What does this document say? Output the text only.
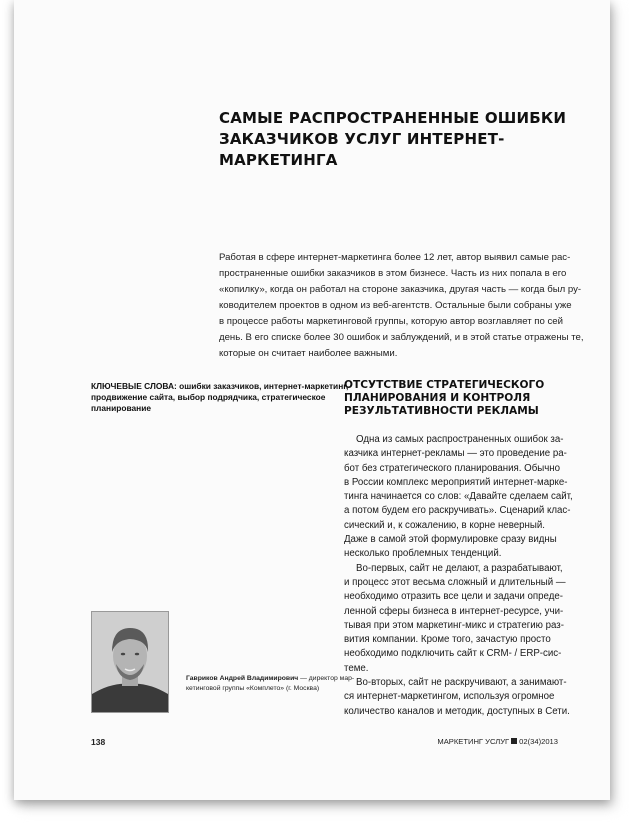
САМЫЕ РАСПРОСТРАНЕННЫЕ ОШИБКИ
ЗАКАЗЧИКОВ УСЛУГ ИНТЕРНЕТ-МАРКЕТИНГА
Работая в сфере интернет-маркетинга более 12 лет, автор выявил самые рас-
пространенные ошибки заказчиков в этом бизнесе. Часть из них попала в его
«копилку», когда он работал на стороне заказчика, другая часть — когда был ру-
ководителем проектов в одном из веб-агентств. Остальные были собраны уже
в процессе работы маркетинговой группы, которую автор возглавляет по сей
день. В его списке более 30 ошибок и заблуждений, и в этой статье отражены те,
которые он считает наиболее важными.
КЛЮЧЕВЫЕ СЛОВА: ошибки заказчиков, интернет-маркетинг,
продвижение сайта, выбор подрядчика, стратегическое
планирование
ОТСУТСТВИЕ СТРАТЕГИЧЕСКОГО
ПЛАНИРОВАНИЯ И КОНТРОЛЯ
РЕЗУЛЬТАТИВНОСТИ РЕКЛАМЫ
Одна из самых распространенных ошибок за-
казчика интернет-рекламы — это проведение ра-
бот без стратегического планирования. Обычно
в России комплекс мероприятий интернет-марке-
тинга начинается со слов: «Давайте сделаем сайт,
а потом будем его раскручивать». Сценарий клас-
сический и, к сожалению, в корне неверный.
Даже в самой этой формулировке сразу видны
несколько проблемных тенденций.
Во-первых, сайт не делают, а разрабатывают,
и процесс этот весьма сложный и длительный —
необходимо отразить все цели и задачи опреде-
ленной сферы бизнеса в интернет-ресурсе, учи-
тывая при этом маркетинг-микс и стратегию раз-
вития компании. Кроме того, зачастую просто
необходимо подключить сайт к CRM- / ERP-сис-
теме.
Во-вторых, сайт не раскручивают, а занимают-
ся интернет-маркетингом, используя огромное
количество каналов и методик, доступных в Сети.
Гавриков Андрей Владимирович — директор мар-
кетинговой группы «Комплето» (г. Москва)
138	МАРКЕТИНГ УСЛУГ 02(34)2013
